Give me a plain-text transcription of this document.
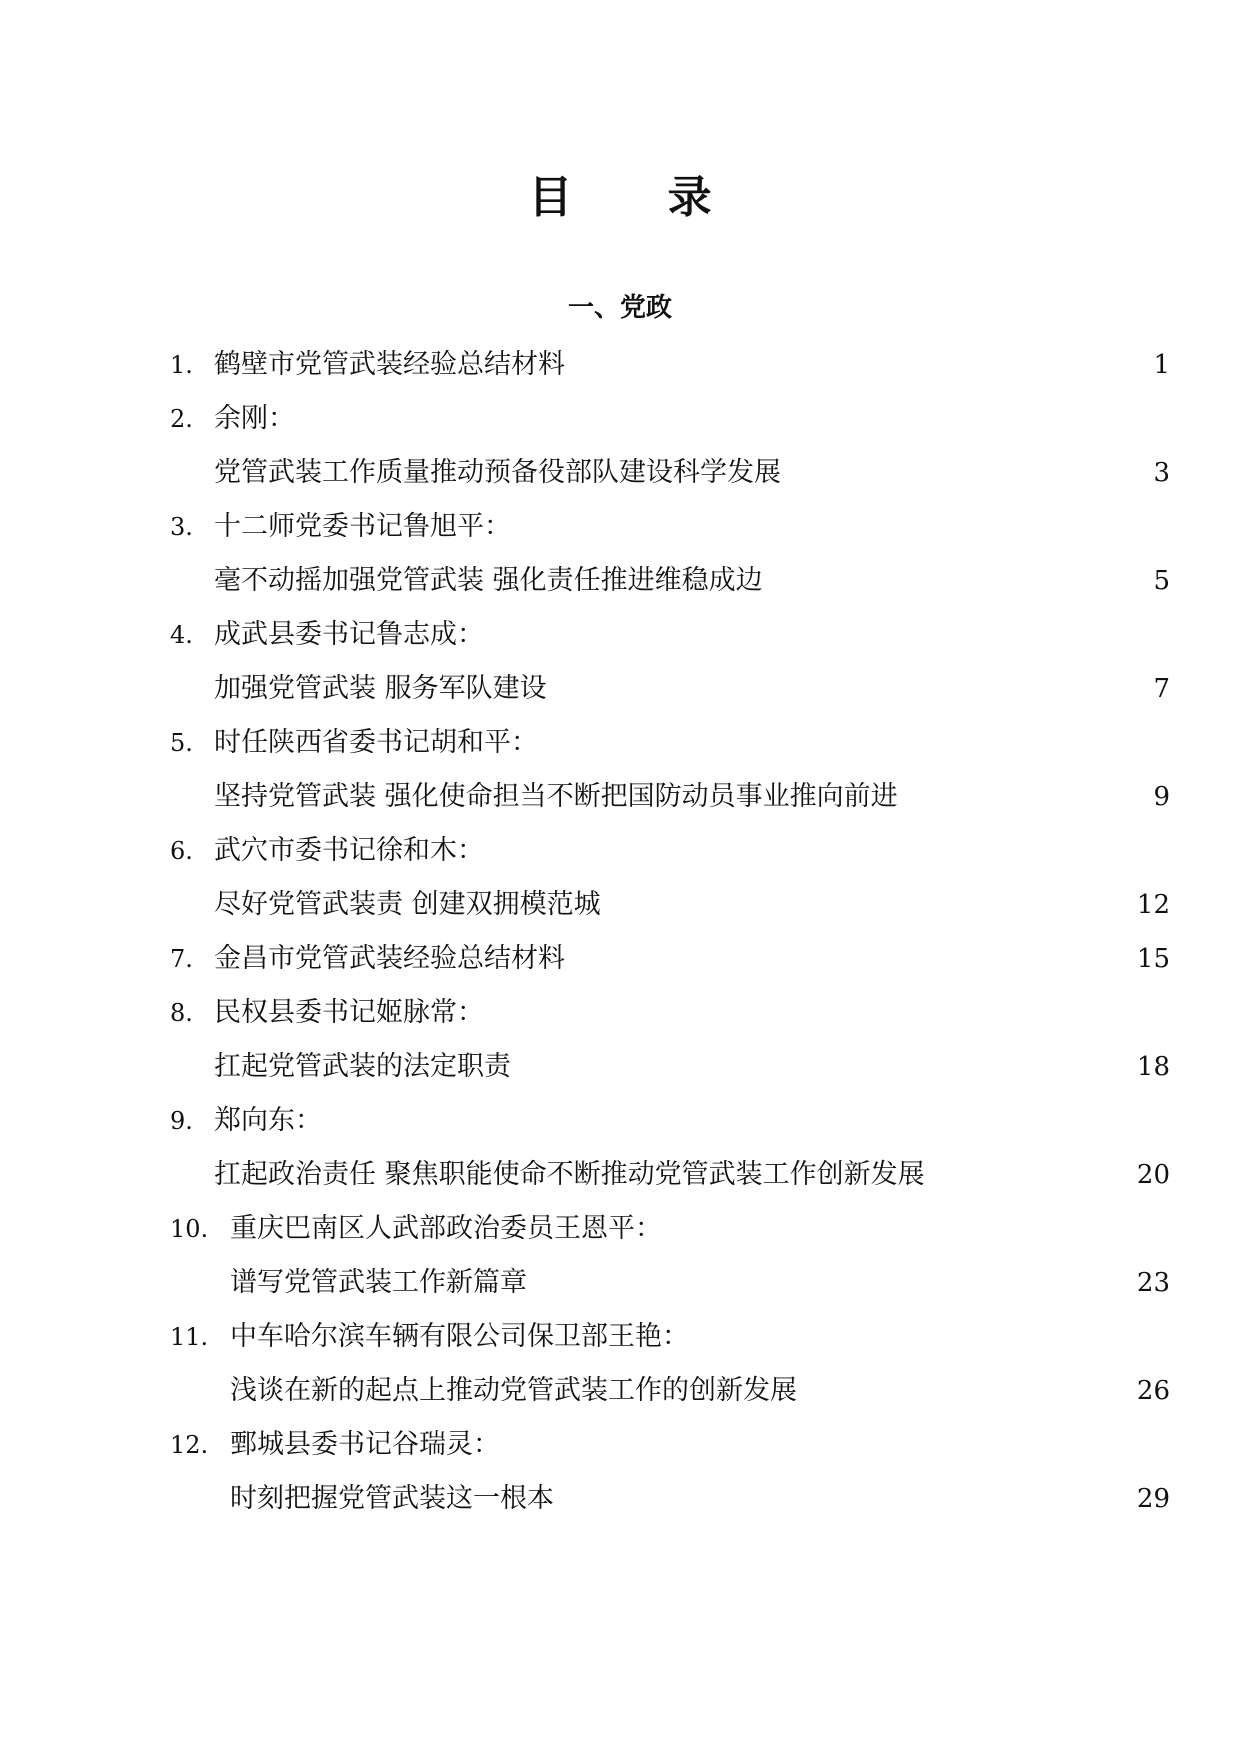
目 录
一、党政
1. 鹤壁市党管武装经验总结材料	1
2. 余刚：
党管武装工作质量推动预备役部队建设科学发展	3
3. 十二师党委书记鲁旭平：
毫不动摇加强党管武装 强化责任推进维稳成边	5
4. 成武县委书记鲁志成：
加强党管武装 服务军队建设	7
5. 时任陕西省委书记胡和平：
坚持党管武装 强化使命担当不断把国防动员事业推向前进	9
6. 武穴市委书记徐和木：
尽好党管武装责 创建双拥模范城	12
7. 金昌市党管武装经验总结材料	15
8. 民权县委书记姬脉常：
扛起党管武装的法定职责	18
9. 郑向东：
扛起政治责任 聚焦职能使命不断推动党管武装工作创新发展	20
10. 重庆巴南区人武部政治委员王恩平：
谱写党管武装工作新篇章	23
11. 中车哈尔滨车辆有限公司保卫部王艳：
浅谈在新的起点上推动党管武装工作的创新发展	26
12. 鄄城县委书记谷瑞灵：
时刻把握党管武装这一根本	29
